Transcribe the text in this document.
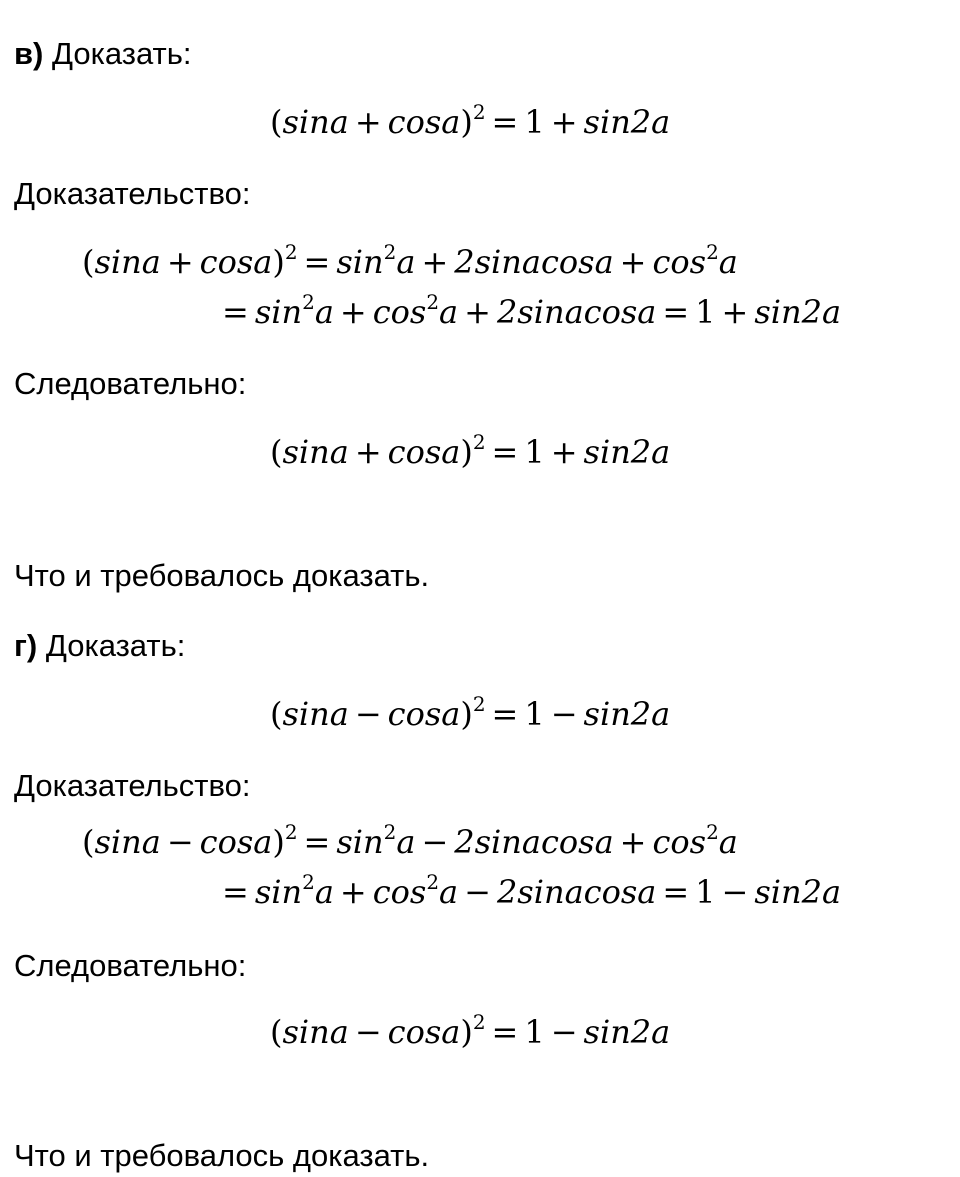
в) Доказать:
$(\sin a + \cos a)^2 = 1 + \sin 2a$
Доказательство:
$(\sin a + \cos a)^2 = \sin^2a$ + 2sinacosa + $\cos^2a$
= $\sin^2a + \cos^2a$ + 2sinacosa = 1 + sin2a
Следовательно:
$(\sin a + \cos a)^2 = 1 + \sin 2a$
Что и требовалось доказать.
г) Доказать:
$(\sin a - \cos a)^2 = 1 - \sin 2a$
Доказательство:
$(\sin a - \cos a)^2 = \sin^2a$ − 2sinacosa + $\cos^2a$
= $\sin^2a + \cos^2a$ − 2sinacosa = 1 − sin2a
Следовательно:
$(\sin a - \cos a)^2 = 1 - \sin 2a$
Что и требовалось доказать.
